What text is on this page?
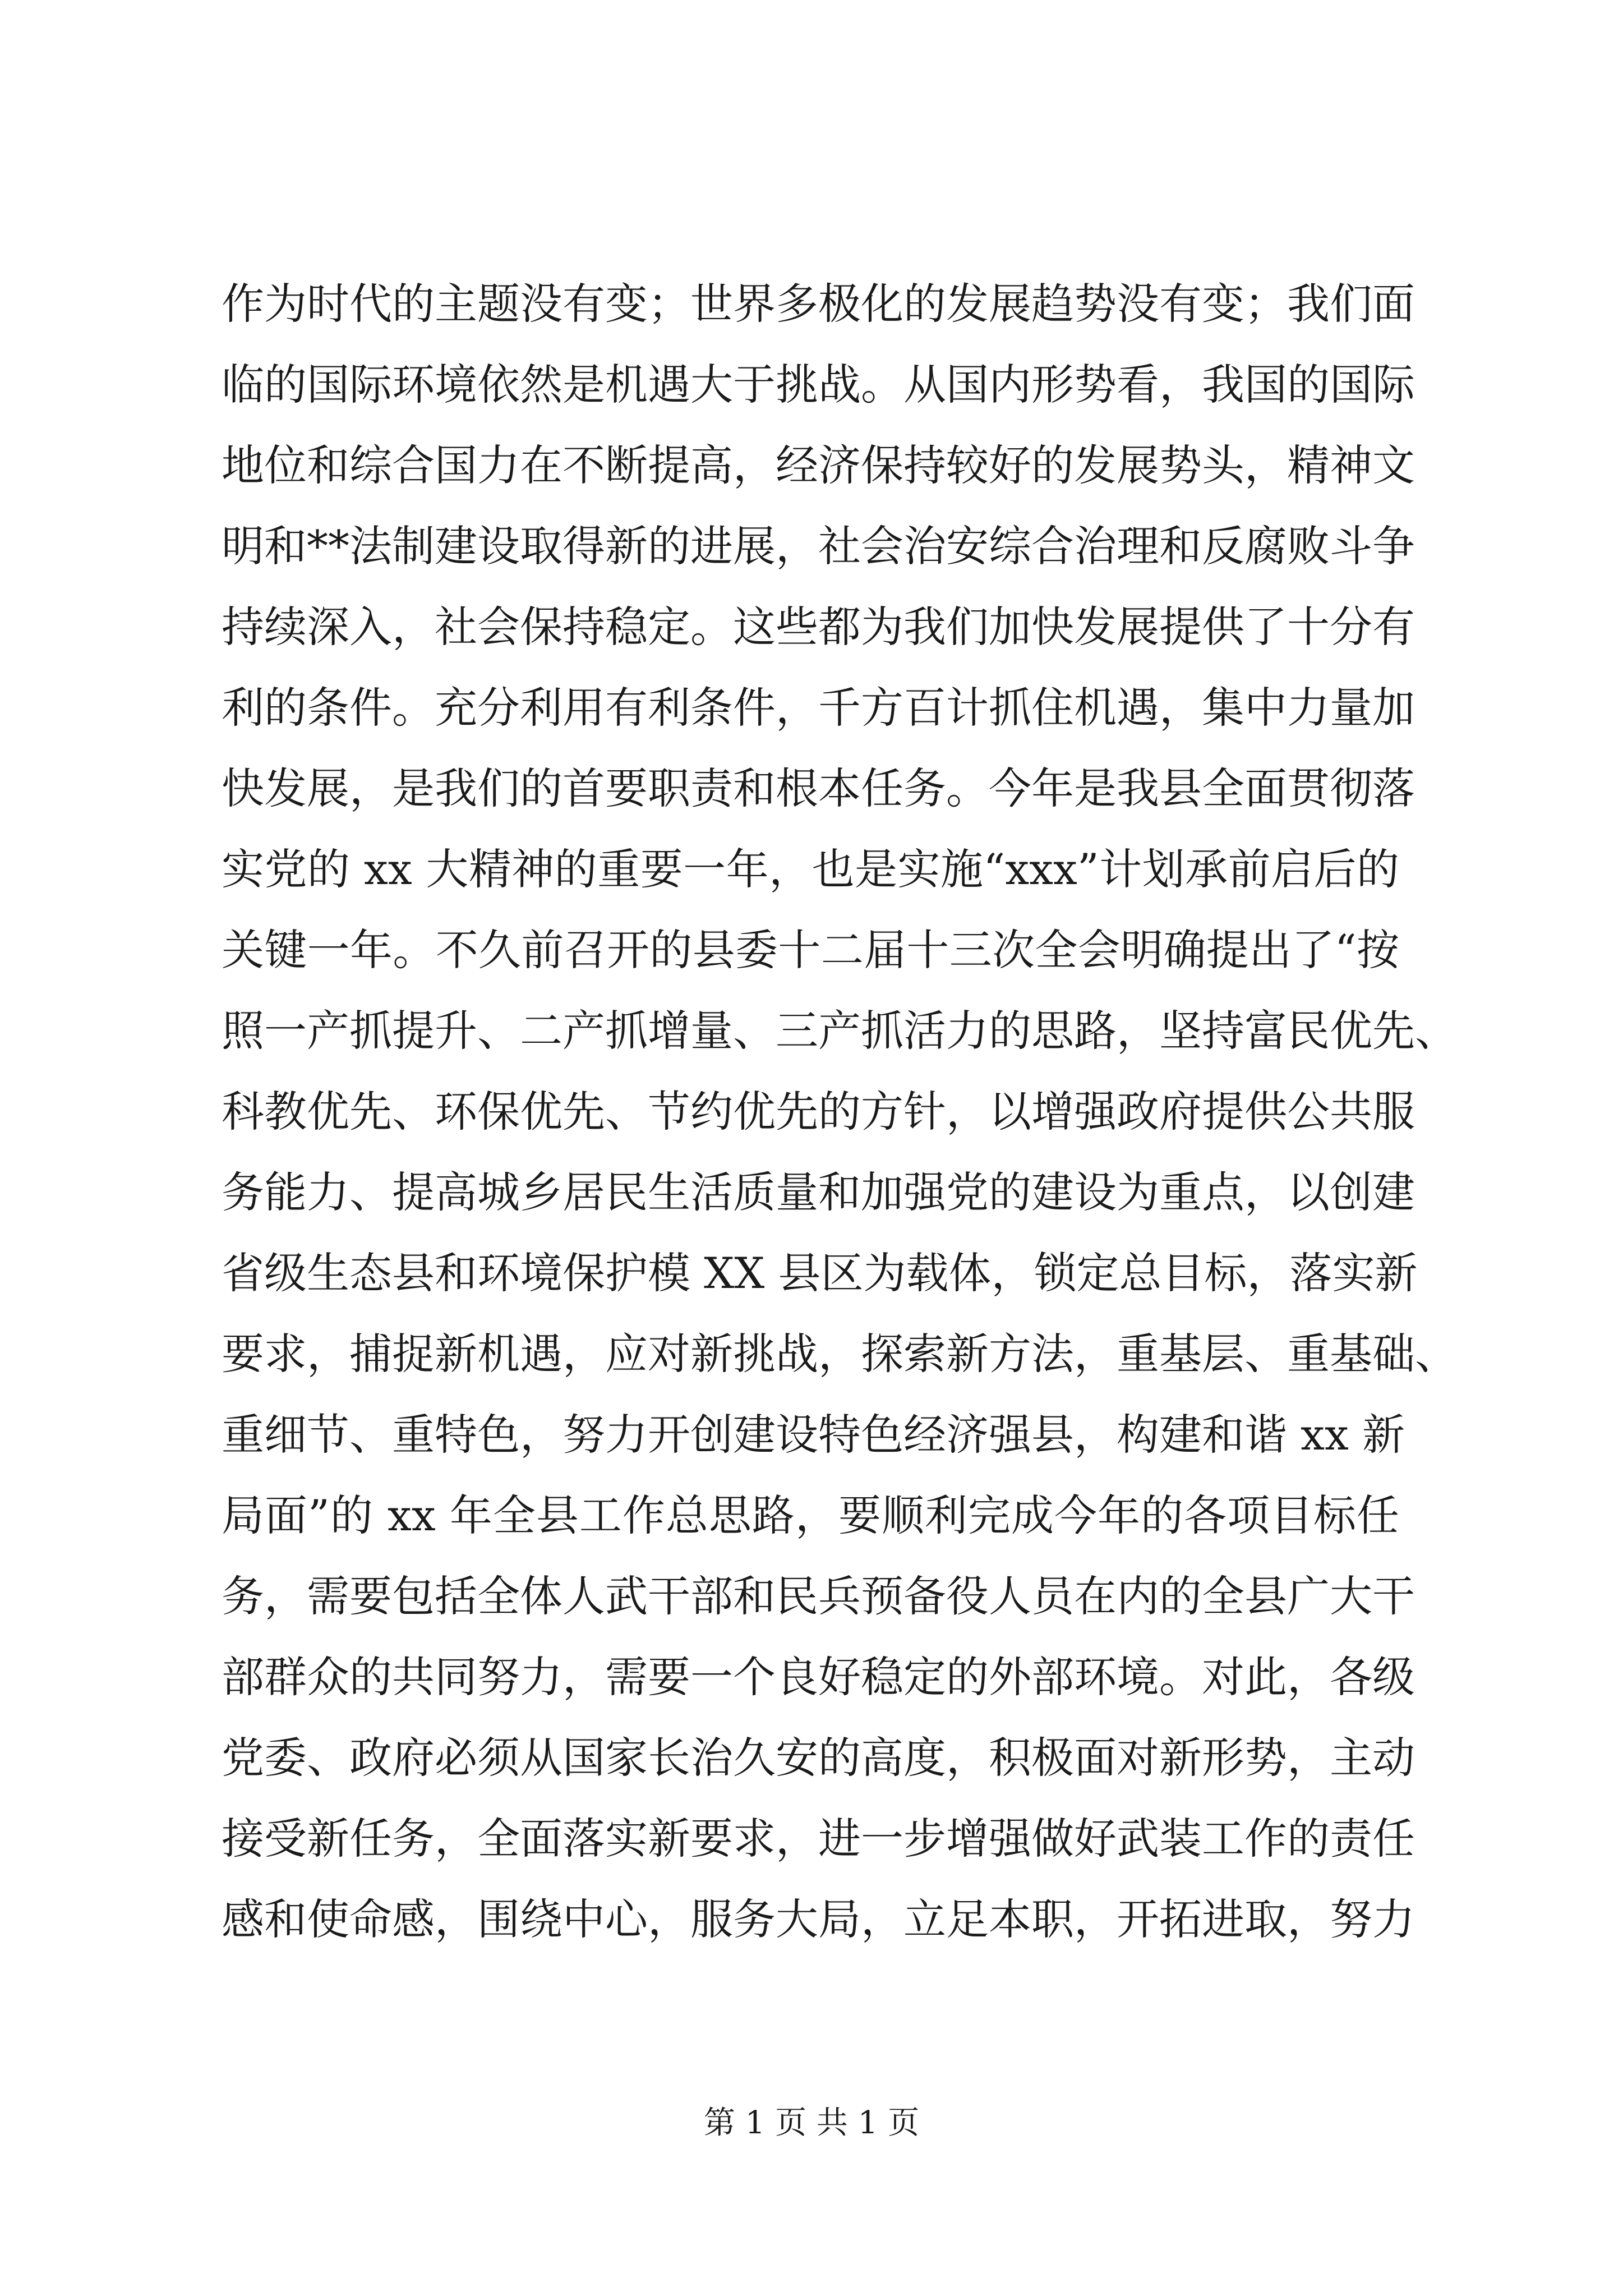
作为时代的主题没有变；世界多极化的发展趋势没有变；我们面
临的国际环境依然是机遇大于挑战。从国内形势看，我国的国际
地位和综合国力在不断提高，经济保持较好的发展势头，精神文
明和**法制建设取得新的进展，社会治安综合治理和反腐败斗争
持续深入，社会保持稳定。这些都为我们加快发展提供了十分有
利的条件。充分利用有利条件，千方百计抓住机遇，集中力量加
快发展，是我们的首要职责和根本任务。今年是我县全面贯彻落
实党的 xx 大精神的重要一年，也是实施“xxx”计划承前启后的
关键一年。不久前召开的县委十二届十三次全会明确提出了“按
照一产抓提升、二产抓增量、三产抓活力的思路，坚持富民优先、
科教优先、环保优先、节约优先的方针，以增强政府提供公共服
务能力、提高城乡居民生活质量和加强党的建设为重点，以创建
省级生态县和环境保护模 XX 县区为载体，锁定总目标，落实新
要求，捕捉新机遇，应对新挑战，探索新方法，重基层、重基础、
重细节、重特色，努力开创建设特色经济强县，构建和谐 xx 新
局面”的 xx 年全县工作总思路，要顺利完成今年的各项目标任
务，需要包括全体人武干部和民兵预备役人员在内的全县广大干
部群众的共同努力，需要一个良好稳定的外部环境。对此，各级
党委、政府必须从国家长治久安的高度，积极面对新形势，主动
接受新任务，全面落实新要求，进一步增强做好武装工作的责任
感和使命感，围绕中心，服务大局，立足本职，开拓进取，努力
第 1 页 共 1 页
